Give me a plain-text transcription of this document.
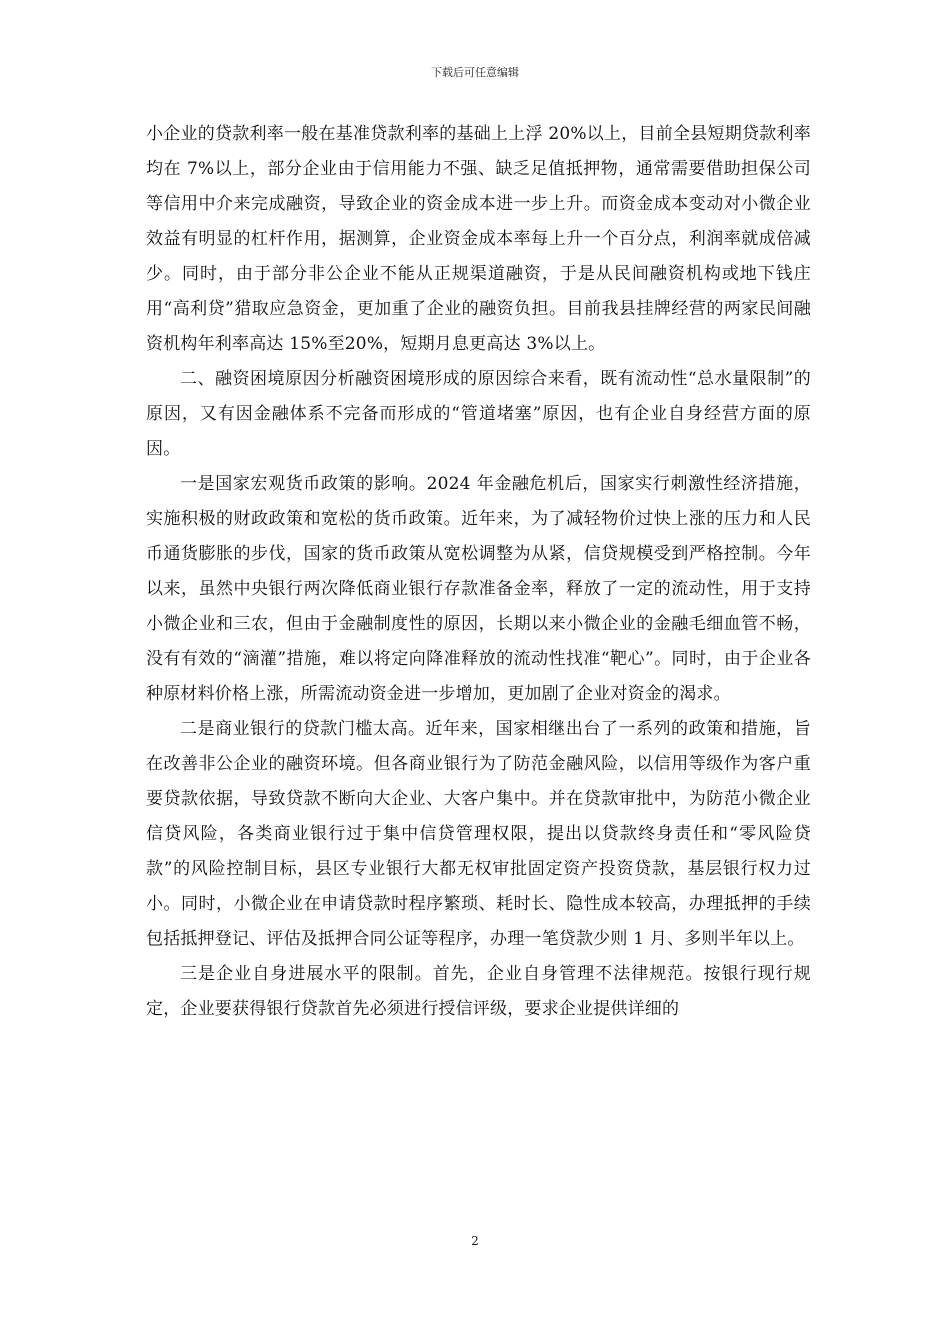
下载后可任意编辑

小企业的贷款利率一般在基准贷款利率的基础上上浮 20%以上，目前全县短期贷款利率均在 7%以上，部分企业由于信用能力不强、缺乏足值抵押物，通常需要借助担保公司等信用中介来完成融资，导致企业的资金成本进一步上升。而资金成本变动对小微企业效益有明显的杠杆作用，据测算，企业资金成本率每上升一个百分点，利润率就成倍减少。同时，由于部分非公企业不能从正规渠道融资，于是从民间融资机构或地下钱庄用“高利贷”猎取应急资金，更加重了企业的融资负担。目前我县挂牌经营的两家民间融资机构年利率高达 15%至20%，短期月息更高达 3%以上。

二、融资困境原因分析融资困境形成的原因综合来看，既有流动性“总水量限制”的原因，又有因金融体系不完备而形成的“管道堵塞”原因，也有企业自身经营方面的原因。

一是国家宏观货币政策的影响。2024 年金融危机后，国家实行刺激性经济措施，实施积极的财政政策和宽松的货币政策。近年来，为了减轻物价过快上涨的压力和人民币通货膨胀的步伐，国家的货币政策从宽松调整为从紧，信贷规模受到严格控制。今年以来，虽然中央银行两次降低商业银行存款准备金率，释放了一定的流动性，用于支持小微企业和三农，但由于金融制度性的原因，长期以来小微企业的金融毛细血管不畅，没有有效的“滴灌”措施，难以将定向降准释放的流动性找准“靶心”。同时，由于企业各种原材料价格上涨，所需流动资金进一步增加，更加剧了企业对资金的渴求。

二是商业银行的贷款门槛太高。近年来，国家相继出台了一系列的政策和措施，旨在改善非公企业的融资环境。但各商业银行为了防范金融风险，以信用等级作为客户重要贷款依据，导致贷款不断向大企业、大客户集中。并在贷款审批中，为防范小微企业信贷风险，各类商业银行过于集中信贷管理权限，提出以贷款终身责任和“零风险贷款”的风险控制目标，县区专业银行大都无权审批固定资产投资贷款，基层银行权力过小。同时，小微企业在申请贷款时程序繁琐、耗时长、隐性成本较高，办理抵押的手续包括抵押登记、评估及抵押合同公证等程序，办理一笔贷款少则 1 月、多则半年以上。

三是企业自身进展水平的限制。首先，企业自身管理不法律规范。按银行现行规定，企业要获得银行贷款首先必须进行授信评级，要求企业提供详细的

2
